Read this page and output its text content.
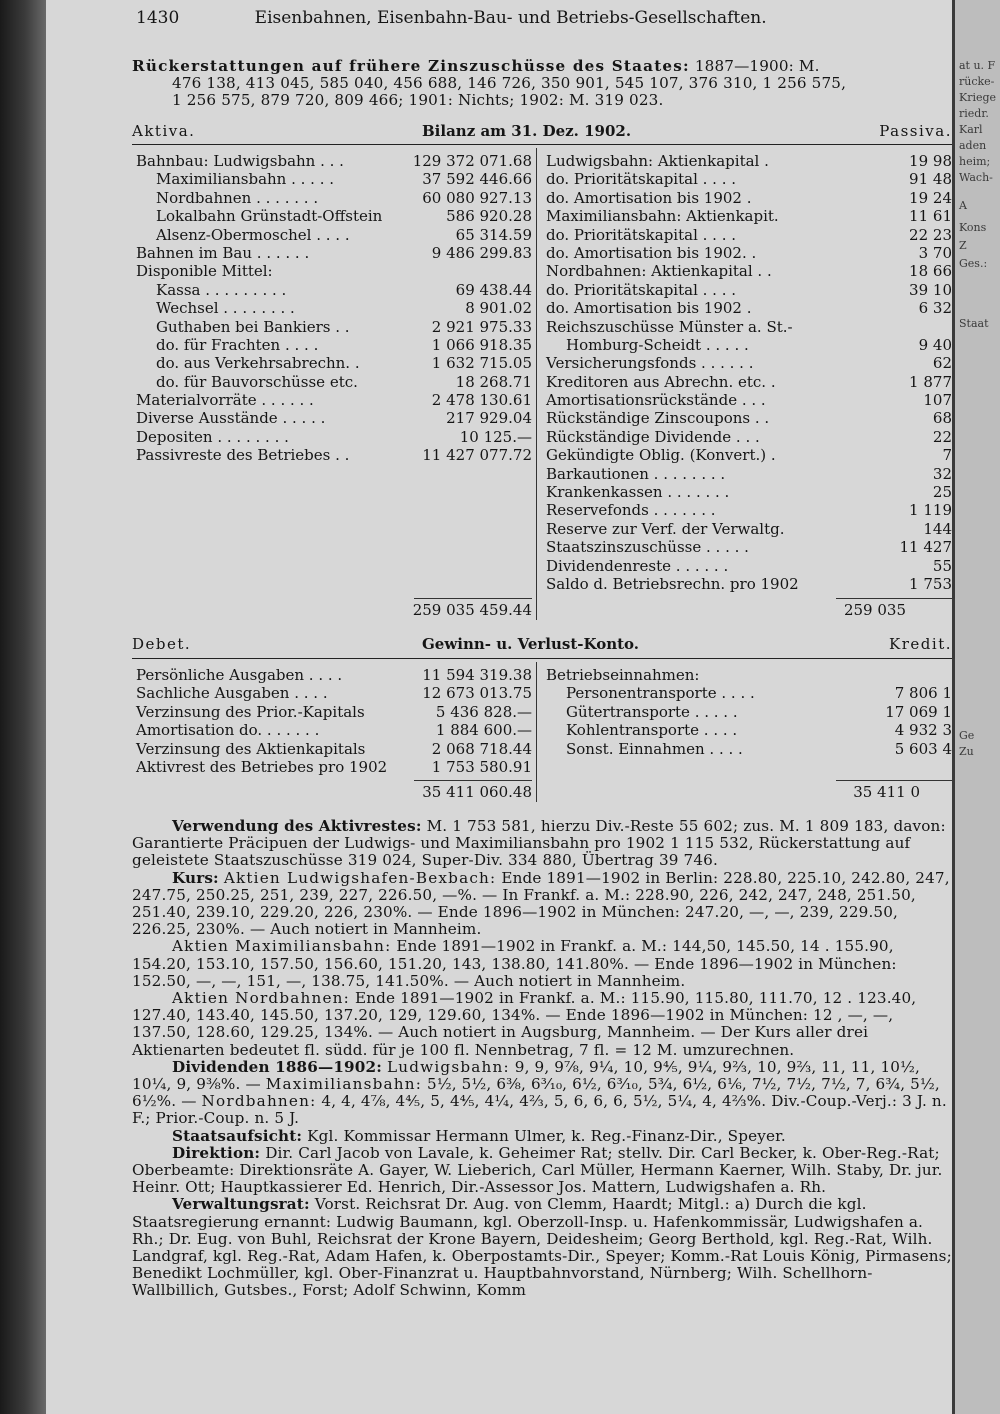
1430	Eisenbahnen, Eisenbahn-Bau- und Betriebs-Gesellschaften.
Rückerstattungen auf frühere Zinszuschüsse des Staates: 1887—1900: M.
476 138, 413 045, 585 040, 456 688, 146 726, 350 901, 545 107, 376 310, 1 256 575,
1 256 575, 879 720, 809 466; 1901: Nichts; 1902: M. 319 023.
Aktiva.	Bilanz am 31. Dez. 1902.	Passiva.
Bahnbau: Ludwigsbahn . . .	129 372 071.68
Maximiliansbahn . . . . .	37 592 446.66
Nordbahnen . . . . . . .	60 080 927.13
Lokalbahn Grünstadt-Offstein	586 920.28
Alsenz-Obermoschel . . . .	65 314.59
Bahnen im Bau . . . . . .	9 486 299.83
Disponible Mittel:
Kassa . . . . . . . . .	69 438.44
Wechsel . . . . . . . .	8 901.02
Guthaben bei Bankiers . .	2 921 975.33
do. für Frachten . . . .	1 066 918.35
do. aus Verkehrsabrechn. .	1 632 715.05
do. für Bauvorschüsse etc.	18 268.71
Materialvorräte . . . . . .	2 478 130.61
Diverse Ausstände . . . . .	217 929.04
Depositen . . . . . . . .	10 125.—
Passivreste des Betriebes . .	11 427 077.72
Ludwigsbahn: Aktienkapital .	19 98
do. Prioritätskapital . . . .	91 48
do. Amortisation bis 1902 .	19 24
Maximiliansbahn: Aktienkapit.	11 61
do. Prioritätskapital . . . .	22 23
do. Amortisation bis 1902. .	3 70
Nordbahnen: Aktienkapital . .	18 66
do. Prioritätskapital . . . .	39 10
do. Amortisation bis 1902 .	6 32
Reichszuschüsse Münster a. St.-
Homburg-Scheidt . . . . .	9 40
Versicherungsfonds . . . . . .	62
Kreditoren aus Abrechn. etc. .	1 877
Amortisationsrückstände . . .	107
Rückständige Zinscoupons . .	68
Rückständige Dividende . . .	22
Gekündigte Oblig. (Konvert.) .	7
Barkautionen . . . . . . . .	32
Krankenkassen . . . . . . .	25
Reservefonds . . . . . . .	1 119
Reserve zur Verf. der Verwaltg.	144
Staatszinszuschüsse . . . . .	11 427
Dividendenreste . . . . . .	55
Saldo d. Betriebsrechn. pro 1902	1 753
259 035 459.44	259 035
Debet.	Gewinn- u. Verlust-Konto.	Kredit.
Persönliche Ausgaben . . . .	11 594 319.38
Sachliche Ausgaben . . . .	12 673 013.75
Verzinsung des Prior.-Kapitals	5 436 828.—
Amortisation do. . . . . . .	1 884 600.—
Verzinsung des Aktienkapitals	2 068 718.44
Aktivrest des Betriebes pro 1902	1 753 580.91
Betriebseinnahmen:
Personentransporte . . . .	7 806 1
Gütertransporte . . . . .	17 069 1
Kohlentransporte . . . .	4 932 3
Sonst. Einnahmen . . . .	5 603 4
35 411 060.48	35 411 0
Verwendung des Aktivrestes: M. 1 753 581, hierzu Div.-Reste 55 602; zus. M. 1 809 183, davon: Garantierte Präcipuen der Ludwigs- und Maximiliansbahn pro 1902 1 115 532, Rückerstattung auf geleistete Staatszuschüsse 319 024, Super-Div. 334 880, Übertrag 39 746.
Kurs: Aktien Ludwigshafen-Bexbach: Ende 1891—1902 in Berlin: 228.80, 225.10, 242.80, 247, 247.75, 250.25, 251, 239, 227, 226.50, —%. — In Frankf. a. M.: 228.90, 226, 242, 247, 248, 251.50, 251.40, 239.10, 229.20, 226, 230%. — Ende 1896—1902 in München: 247.20, —, —, 239, 229.50, 226.25, 230%. — Auch notiert in Mannheim.
Aktien Maximiliansbahn: Ende 1891—1902 in Frankf. a. M.: 144,50, 145.50, 14 . 155.90, 154.20, 153.10, 157.50, 156.60, 151.20, 143, 138.80, 141.80%. — Ende 1896—1902 in München: 152.50, —, —, 151, —, 138.75, 141.50%. — Auch notiert in Mannheim.
Aktien Nordbahnen: Ende 1891—1902 in Frankf. a. M.: 115.90, 115.80, 111.70, 12 . 123.40, 127.40, 143.40, 145.50, 137.20, 129, 129.60, 134%. — Ende 1896—1902 in München: 12 , —, —, 137.50, 128.60, 129.25, 134%. — Auch notiert in Augsburg, Mannheim. — Der Kurs aller drei Aktienarten bedeutet fl. südd. für je 100 fl. Nennbetrag, 7 fl. = 12 M. umzurechnen.
Dividenden 1886—1902: Ludwigsbahn: 9, 9, 9⅞, 9¼, 10, 9⅘, 9¼, 9⅔, 10, 9⅔, 11, 11, 10½, 10¼, 9, 9⅜%. — Maximiliansbahn: 5½, 5½, 6⅜, 6³⁄₁₀, 6½, 6³⁄₁₀, 5¾, 6½, 6⅙, 7½, 7½, 7½, 7, 6¾, 5½, 6½%. — Nordbahnen: 4, 4, 4⅞, 4⅘, 5, 4⅘, 4¼, 4⅔, 5, 6, 6, 6, 5½, 5¼, 4, 4⅔%. Div.-Coup.-Verj.: 3 J. n. F.; Prior.-Coup. n. 5 J.
Staatsaufsicht: Kgl. Kommissar Hermann Ulmer, k. Reg.-Finanz-Dir., Speyer.
Direktion: Dir. Carl Jacob von Lavale, k. Geheimer Rat; stellv. Dir. Carl Becker, k. Ober-Reg.-Rat; Oberbeamte: Direktionsräte A. Gayer, W. Lieberich, Carl Müller, Hermann Kaerner, Wilh. Staby, Dr. jur. Heinr. Ott; Hauptkassierer Ed. Henrich, Dir.-Assessor Jos. Mattern, Ludwigshafen a. Rh.
Verwaltungsrat: Vorst. Reichsrat Dr. Aug. von Clemm, Haardt; Mitgl.: a) Durch die kgl. Staatsregierung ernannt: Ludwig Baumann, kgl. Oberzoll-Insp. u. Hafenkommissär, Ludwigshafen a. Rh.; Dr. Eug. von Buhl, Reichsrat der Krone Bayern, Deidesheim; Georg Berthold, kgl. Reg.-Rat, Wilh. Landgraf, kgl. Reg.-Rat, Adam Hafen, k. Oberpostamts-Dir., Speyer; Komm.-Rat Louis König, Pirmasens; Benedikt Lochmüller, kgl. Ober-Finanzrat u. Hauptbahnvorstand, Nürnberg; Wilh. Schellhorn-Wallbillich, Gutsbes., Forst; Adolf Schwinn, Komm
at u. F
rücke-
Kriege
riedr.
Karl
aden
heim;
Wach-
A
Kons
Z
Ges.:
Staat
Ge
Zu
